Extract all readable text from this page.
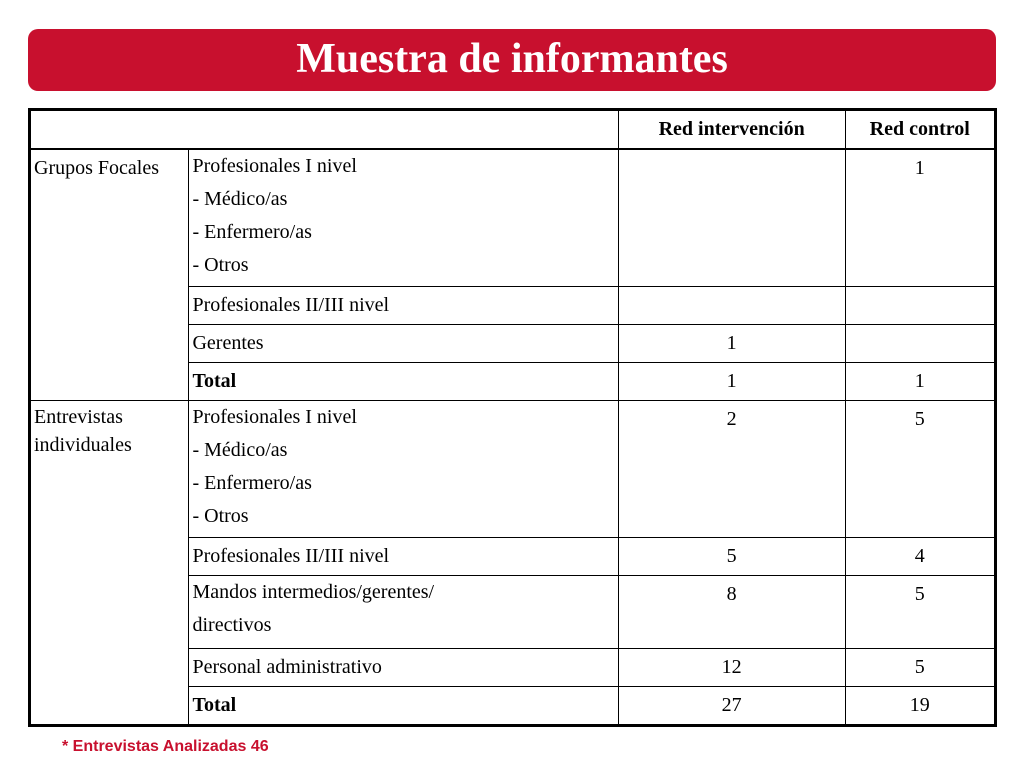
Muestra de informantes
		Red intervención	Red control
Grupos Focales	Profesionales I nivel
- Médico/as
- Enfermero/as
- Otros		1

	Profesionales II/III nivel		

	Gerentes	1	

	Total	1	1

Entrevistas individuales	Profesionales I nivel
- Médico/as
- Enfermero/as
- Otros	2	5

	Profesionales II/III nivel	5	4

	Mandos intermedios/gerentes/
directivos	8	5

	Personal administrativo	12	5

	Total	27	19
* Entrevistas Analizadas 46
